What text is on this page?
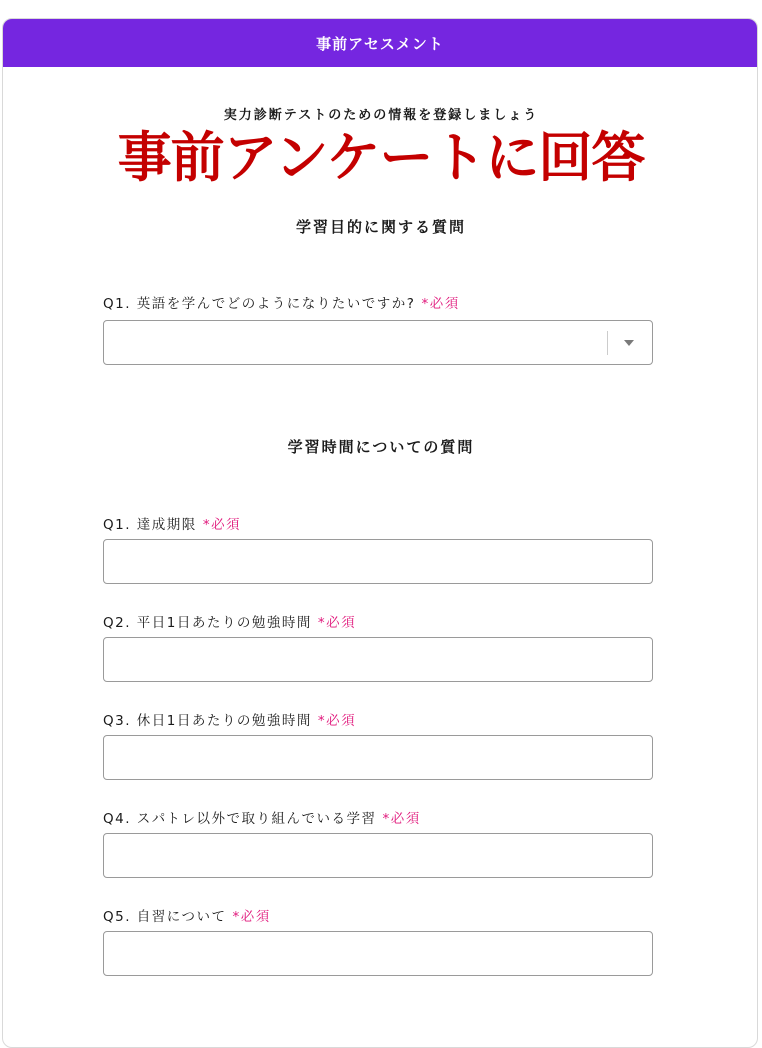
事前アセスメント
実力診断テストのための情報を登録しましょう
事前アンケートに回答
学習目的に関する質問
Q1. 英語を学んでどのようになりたいですか? *必須
学習時間についての質問
Q1. 達成期限 *必須
Q2. 平日1日あたりの勉強時間 *必須
Q3. 休日1日あたりの勉強時間 *必須
Q4. スパトレ以外で取り組んでいる学習 *必須
Q5. 自習について *必須
